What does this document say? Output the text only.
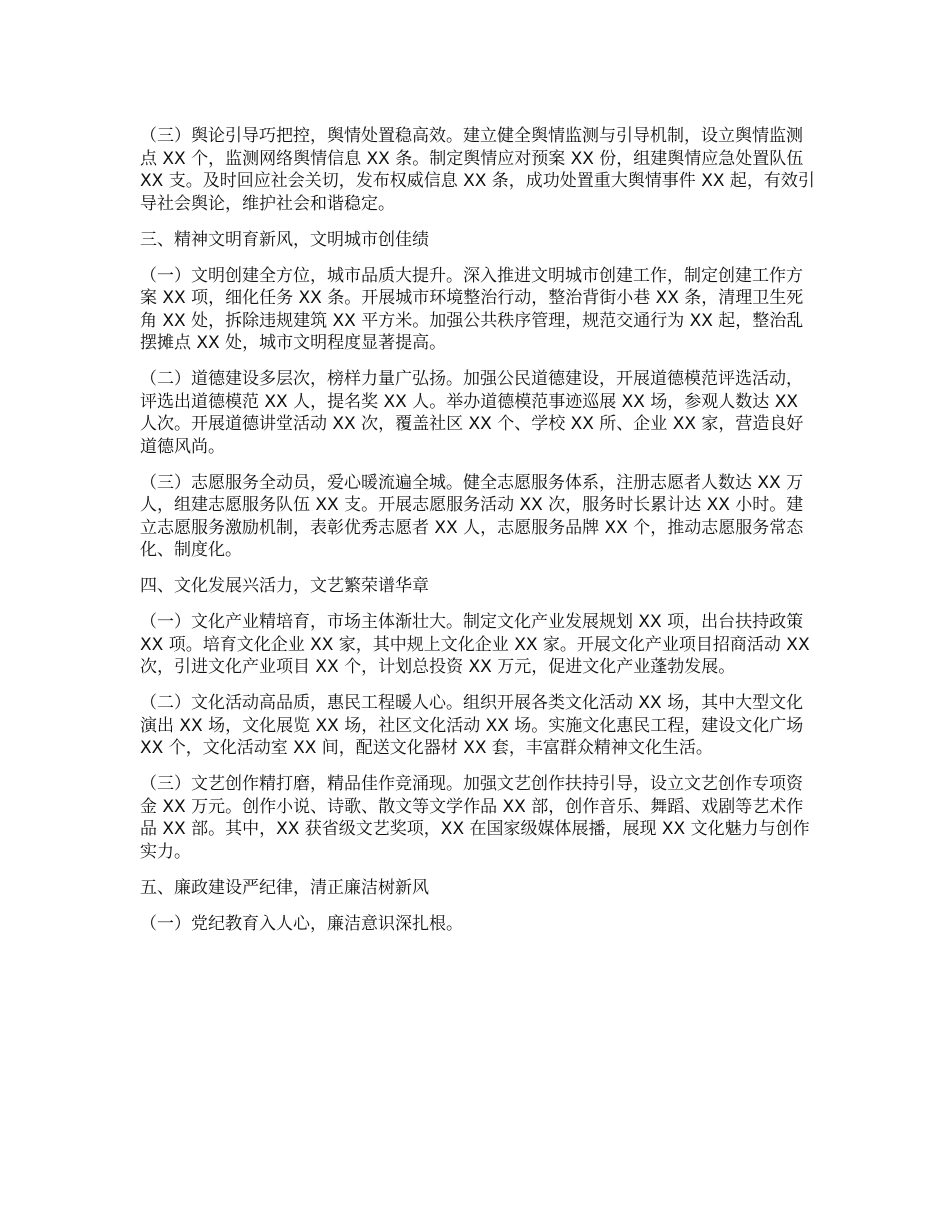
（三）舆论引导巧把控，舆情处置稳高效。建立健全舆情监测与引导机制，设立舆情监测点 XX 个，监测网络舆情信息 XX 条。制定舆情应对预案 XX 份，组建舆情应急处置队伍 XX 支。及时回应社会关切，发布权威信息 XX 条，成功处置重大舆情事件 XX 起，有效引导社会舆论，维护社会和谐稳定。

三、精神文明育新风，文明城市创佳绩

（一）文明创建全方位，城市品质大提升。深入推进文明城市创建工作，制定创建工作方案 XX 项，细化任务 XX 条。开展城市环境整治行动，整治背街小巷 XX 条，清理卫生死角 XX 处，拆除违规建筑 XX 平方米。加强公共秩序管理，规范交通行为 XX 起，整治乱摆摊点 XX 处，城市文明程度显著提高。

（二）道德建设多层次，榜样力量广弘扬。加强公民道德建设，开展道德模范评选活动，评选出道德模范 XX 人，提名奖 XX 人。举办道德模范事迹巡展 XX 场，参观人数达 XX 人次。开展道德讲堂活动 XX 次，覆盖社区 XX 个、学校 XX 所、企业 XX 家，营造良好道德风尚。

（三）志愿服务全动员，爱心暖流遍全城。健全志愿服务体系，注册志愿者人数达 XX 万人，组建志愿服务队伍 XX 支。开展志愿服务活动 XX 次，服务时长累计达 XX 小时。建立志愿服务激励机制，表彰优秀志愿者 XX 人，志愿服务品牌 XX 个，推动志愿服务常态化、制度化。

四、文化发展兴活力，文艺繁荣谱华章

（一）文化产业精培育，市场主体渐壮大。制定文化产业发展规划 XX 项，出台扶持政策 XX 项。培育文化企业 XX 家，其中规上文化企业 XX 家。开展文化产业项目招商活动 XX 次，引进文化产业项目 XX 个，计划总投资 XX 万元，促进文化产业蓬勃发展。

（二）文化活动高品质，惠民工程暖人心。组织开展各类文化活动 XX 场，其中大型文化演出 XX 场，文化展览 XX 场，社区文化活动 XX 场。实施文化惠民工程，建设文化广场 XX 个，文化活动室 XX 间，配送文化器材 XX 套，丰富群众精神文化生活。

（三）文艺创作精打磨，精品佳作竞涌现。加强文艺创作扶持引导，设立文艺创作专项资金 XX 万元。创作小说、诗歌、散文等文学作品 XX 部，创作音乐、舞蹈、戏剧等艺术作品 XX 部。其中，XX 获省级文艺奖项，XX 在国家级媒体展播，展现 XX 文化魅力与创作实力。

五、廉政建设严纪律，清正廉洁树新风

（一）党纪教育入人心，廉洁意识深扎根。
